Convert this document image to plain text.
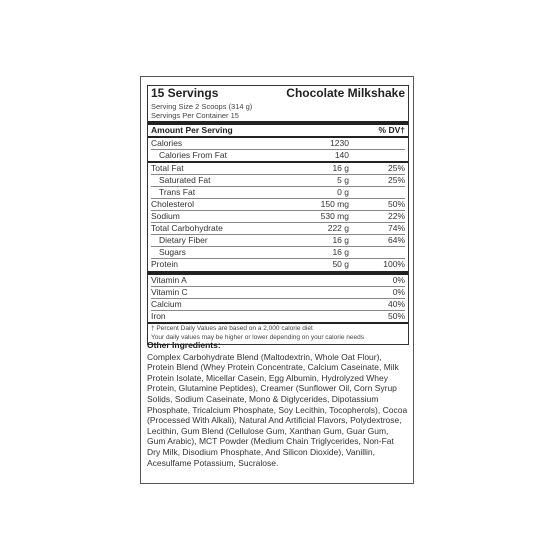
15 Servings	Chocolate Milkshake
Serving Size 2 Scoops (314 g)
Servings Per Container 15
Amount Per Serving	% DV†
Calories	1230
Calories From Fat	140
Total Fat	16 g	25%
Saturated Fat	5 g	25%
Trans Fat	0 g
Cholesterol	150 mg	50%
Sodium	530 mg	22%
Total Carbohydrate	222 g	74%
Dietary Fiber	16 g	64%
Sugars	16 g
Protein	50 g	100%
Vitamin A	0%
Vitamin C	0%
Calcium	40%
Iron	50%
† Percent Daily Values are based on a 2,000 calorie diet
Your daily values may be higher or lower depending on your calorie needs
Other Ingredients:
Complex Carbohydrate Blend (Maltodextrin, Whole Oat Flour), Protein Blend (Whey Protein Concentrate, Calcium Caseinate, Milk Protein Isolate, Micellar Casein, Egg Albumin, Hydrolyzed Whey Protein, Glutamine Peptides), Creamer (Sunflower Oil, Corn Syrup Solids, Sodium Caseinate, Mono & Diglycerides, Dipotassium Phosphate, Tricalcium Phosphate, Soy Lecithin, Tocopherols), Cocoa (Processed With Alkali), Natural And Artificial Flavors, Polydextrose, Lecithin, Gum Blend (Cellulose Gum, Xanthan Gum, Guar Gum, Gum Arabic), MCT Powder (Medium Chain Triglycerides, Non-Fat Dry Milk, Disodium Phosphate, And Silicon Dioxide), Vanillin, Acesulfame Potassium, Sucralose.
